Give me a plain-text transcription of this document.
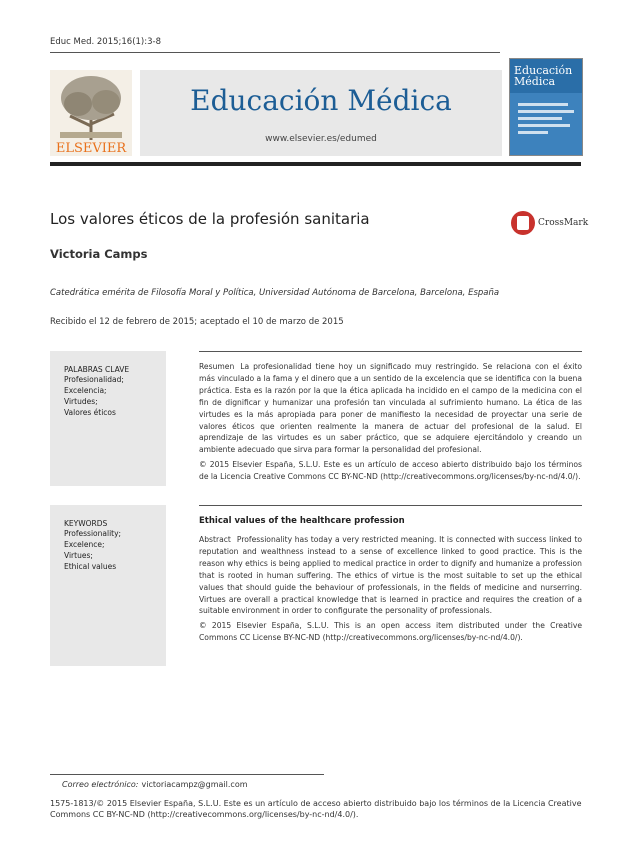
Educ Med. 2015;16(1):3-8
ELSEVIER
Educación Médica
www.elsevier.es/edumed
Educación Médica
Los valores éticos de la profesión sanitaria	CrossMark
Victoria Camps
Catedrática emérita de Filosofía Moral y Política, Universidad Autónoma de Barcelona, Barcelona, España
Recibido el 12 de febrero de 2015; aceptado el 10 de marzo de 2015
PALABRAS CLAVE
Profesionalidad;
Excelencia;
Virtudes;
Valores éticos
Resumen La profesionalidad tiene hoy un significado muy restringido. Se relaciona con el éxito más vinculado a la fama y el dinero que a un sentido de la excelencia que se identifica con la buena práctica. Esta es la razón por la que la ética aplicada ha incidido en el campo de la medicina con el fin de dignificar y humanizar una profesión tan vinculada al sufrimiento humano. La ética de las virtudes es la más apropiada para poner de manifiesto la necesidad de proyectar una serie de valores éticos que orienten realmente la manera de actuar del profesional de la salud. El aprendizaje de las virtudes es un saber práctico, que se adquiere ejercitándolo y creando un ambiente adecuado que sirva para formar la personalidad del profesional.
© 2015 Elsevier España, S.L.U. Este es un artículo de acceso abierto distribuido bajo los términos de la Licencia Creative Commons CC BY-NC-ND (http://creativecommons.org/licenses/by-nc-nd/4.0/).
KEYWORDS
Professionality;
Excelence;
Virtues;
Ethical values
Ethical values of the healthcare profession
Abstract Professionality has today a very restricted meaning. It is connected with success linked to reputation and wealthness instead to a sense of excellence linked to good practice. This is the reason why ethics is being applied to medical practice in order to dignify and humanize a profession that is rooted in human suffering. The ethics of virtue is the most suitable to set up the ethical values that should guide the behaviour of professionals, in the fields of medicine and nurserring. Virtues are overall a practical knowledge that is learned in practice and requires the creation of a suitable environment in order to configurate the personality of professionals.
© 2015 Elsevier España, S.L.U. This is an open access item distributed under the Creative Commons CC License BY-NC-ND (http://creativecommons.org/licenses/by-nc-nd/4.0/).
Correo electrónico: victoriacampz@gmail.com
1575-1813/© 2015 Elsevier España, S.L.U. Este es un artículo de acceso abierto distribuido bajo los términos de la Licencia Creative Commons CC BY-NC-ND (http://creativecommons.org/licenses/by-nc-nd/4.0/).
